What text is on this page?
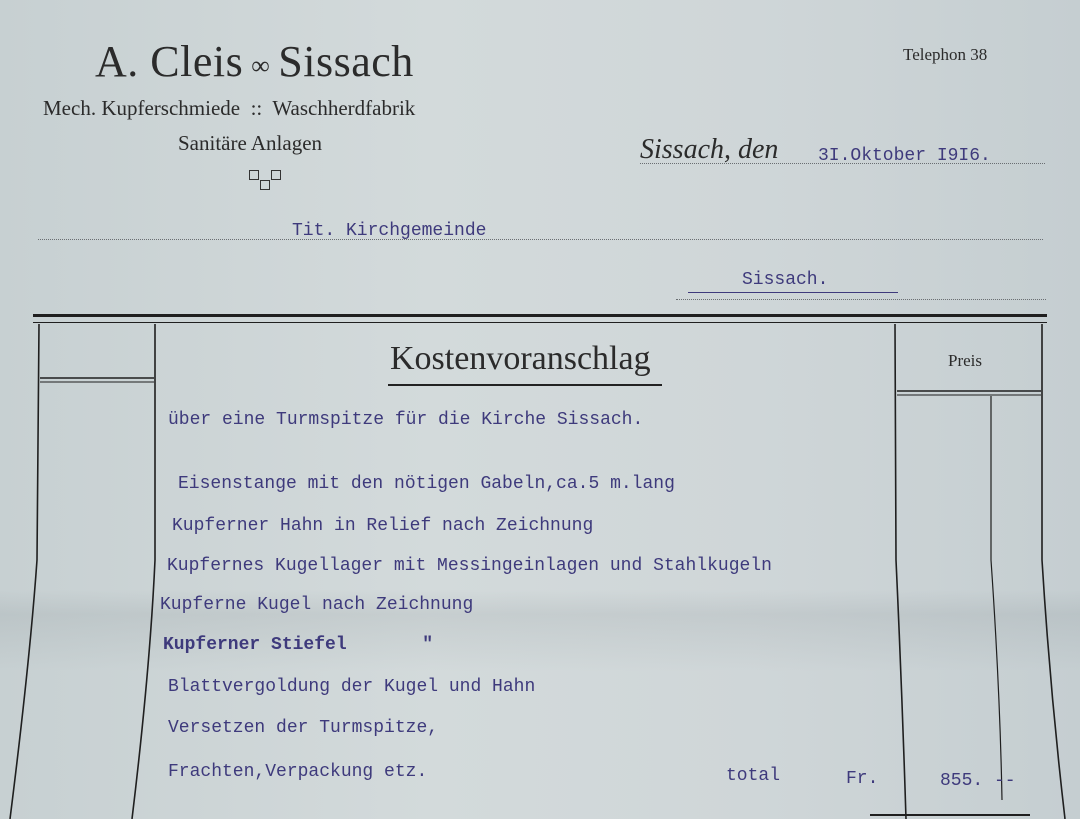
A. Cleis ∞ Sissach
Mech. Kupferschmiede  ::  Waschherdfabrik
Sanitäre Anlagen
Telephon 38
Sissach, den 3I.Oktober I9I6.
Tit. Kirchgemeinde
Sissach.
Kostenvoranschlag	Preis
über eine Turmspitze für die Kirche Sissach.
Eisenstange mit den nötigen Gabeln,ca.5 m.lang
Kupferner Hahn in Relief nach Zeichnung
Kupfernes Kugellager mit Messingeinlagen und Stahlkugeln
Kupferne Kugel nach Zeichnung
Kupferner Stiefel       "
Blattvergoldung der Kugel und Hahn
Versetzen der Turmspitze,
Frachten,Verpackung etz.	total	Fr.	855. --
